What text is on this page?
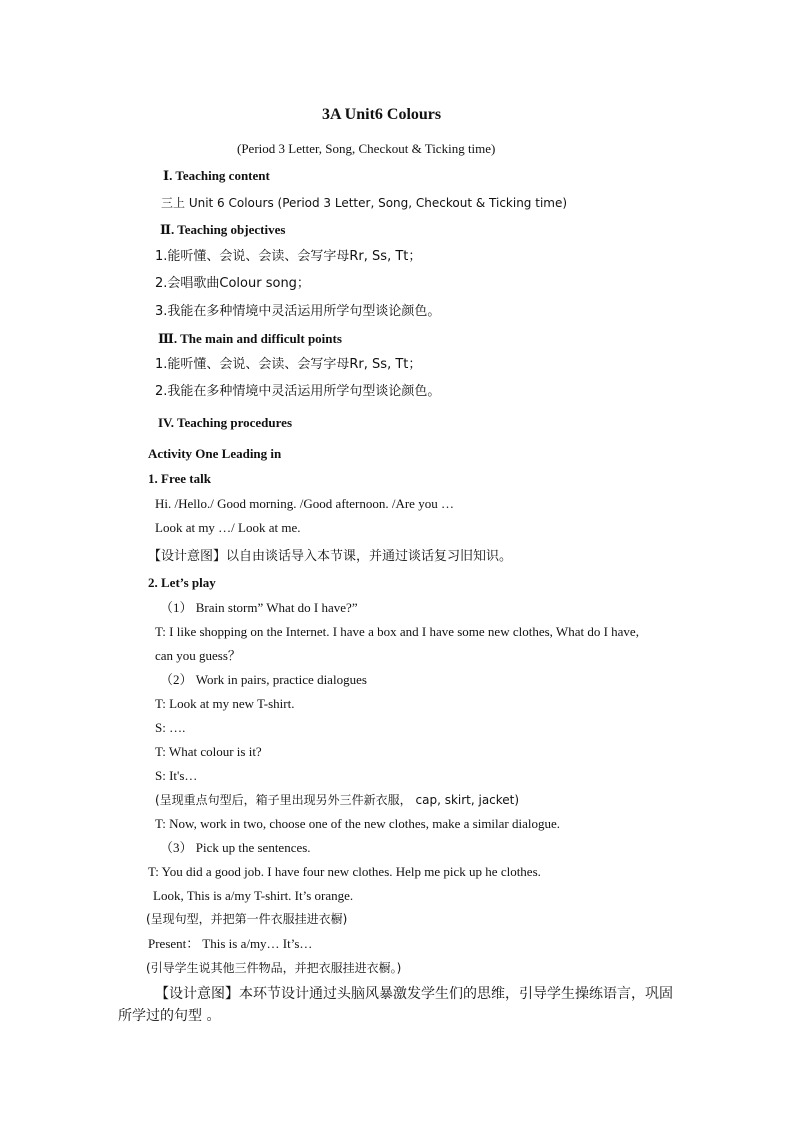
3A Unit6 Colours
(Period 3 Letter, Song, Checkout & Ticking time)
Ⅰ. Teaching content
三上 Unit 6 Colours (Period 3 Letter, Song, Checkout & Ticking time)
Ⅱ. Teaching objectives
1.能听懂、会说、会读、会写字母Rr, Ss, Tt；
2.会唱歌曲Colour song；
3.我能在多种情境中灵活运用所学句型谈论颜色。
Ⅲ. The main and difficult points
1.能听懂、会说、会读、会写字母Rr, Ss, Tt；
2.我能在多种情境中灵活运用所学句型谈论颜色。
IV. Teaching procedures
Activity One Leading in
1. Free talk
Hi. /Hello./ Good morning. /Good afternoon. /Are you …
Look at my …/ Look at me.
【设计意图】以自由谈话导入本节课，并通过谈话复习旧知识。
2. Let’s play
（1） Brain storm” What do I have?”
T: I like shopping on the Internet. I have a box and I have some new clothes, What do I have,
can you guess？
（2） Work in pairs, practice dialogues
T: Look at my new T-shirt.
S: ….
T: What colour is it?
S: It's…
(呈现重点句型后，箱子里出现另外三件新衣服， cap, skirt, jacket)
T: Now, work in two, choose one of the new clothes, make a similar dialogue.
（3） Pick up the sentences.
T: You did a good job. I have four new clothes. Help me pick up he clothes.
Look, This is a/my T-shirt. It’s orange.
(呈现句型，并把第一件衣服挂进衣橱)
Present： This is a/my… It’s…
(引导学生说其他三件物品，并把衣服挂进衣橱。)
【设计意图】本环节设计通过头脑风暴激发学生们的思维，引导学生操练语言，巩固
所学过的句型 。
